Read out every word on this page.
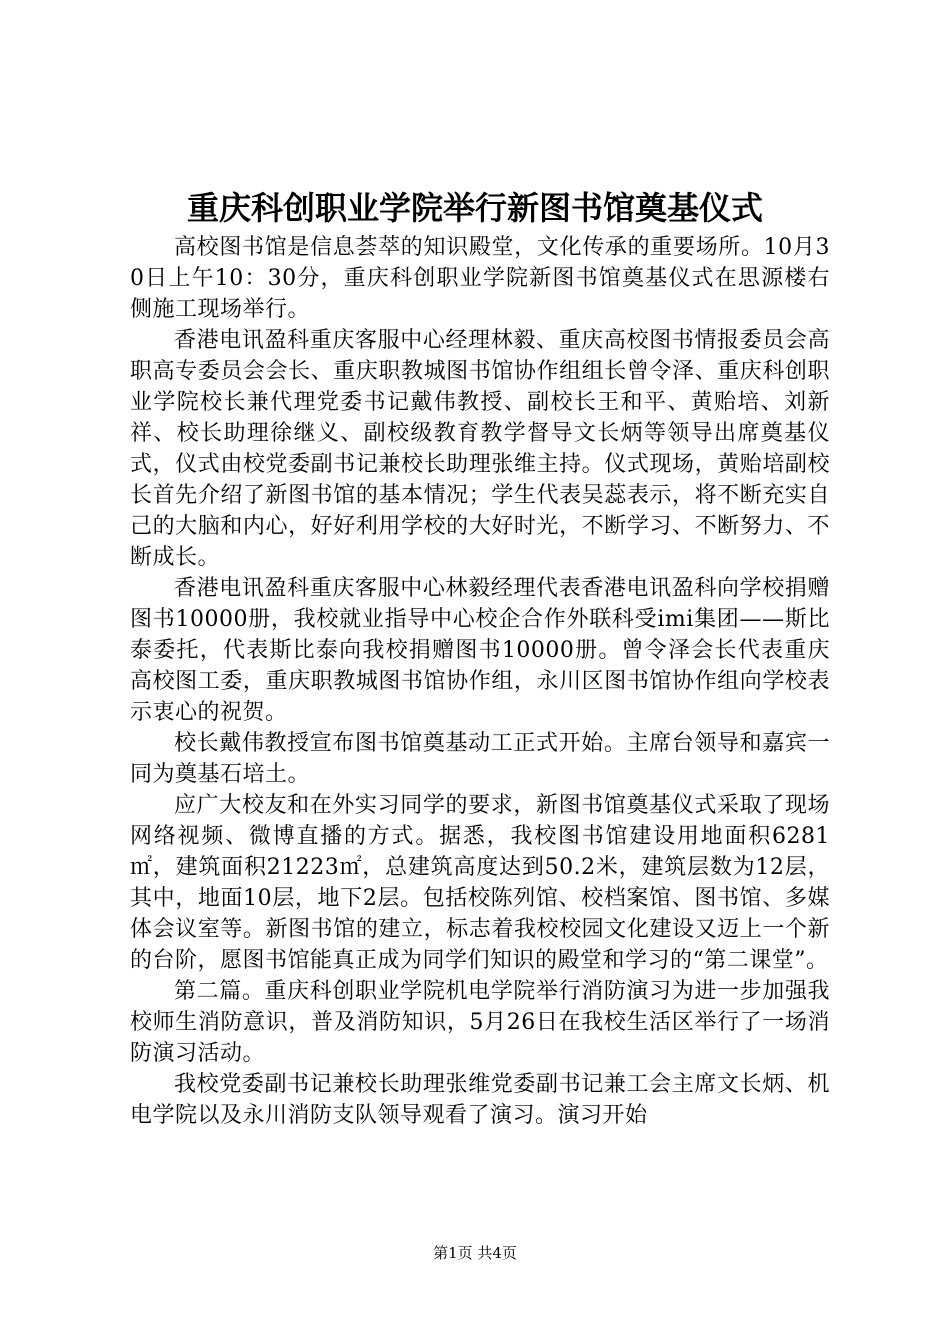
重庆科创职业学院举行新图书馆奠基仪式

高校图书馆是信息荟萃的知识殿堂，文化传承的重要场所。10月30日上午10：30分，重庆科创职业学院新图书馆奠基仪式在思源楼右侧施工现场举行。

香港电讯盈科重庆客服中心经理林毅、重庆高校图书情报委员会高职高专委员会会长、重庆职教城图书馆协作组组长曾令泽、重庆科创职业学院校长兼代理党委书记戴伟教授、副校长王和平、黄贻培、刘新祥、校长助理徐继义、副校级教育教学督导文长炳等领导出席奠基仪式，仪式由校党委副书记兼校长助理张维主持。仪式现场，黄贻培副校长首先介绍了新图书馆的基本情况；学生代表吴蕊表示，将不断充实自己的大脑和内心，好好利用学校的大好时光，不断学习、不断努力、不断成长。

香港电讯盈科重庆客服中心林毅经理代表香港电讯盈科向学校捐赠图书10000册，我校就业指导中心校企合作外联科受imi集团——斯比泰委托，代表斯比泰向我校捐赠图书10000册。曾令泽会长代表重庆高校图工委，重庆职教城图书馆协作组，永川区图书馆协作组向学校表示衷心的祝贺。

校长戴伟教授宣布图书馆奠基动工正式开始。主席台领导和嘉宾一同为奠基石培土。

应广大校友和在外实习同学的要求，新图书馆奠基仪式采取了现场网络视频、微博直播的方式。据悉，我校图书馆建设用地面积6281㎡，建筑面积21223㎡，总建筑高度达到50.2米，建筑层数为12层，其中，地面10层，地下2层。包括校陈列馆、校档案馆、图书馆、多媒体会议室等。新图书馆的建立，标志着我校校园文化建设又迈上一个新的台阶，愿图书馆能真正成为同学们知识的殿堂和学习的“第二课堂”。

第二篇。重庆科创职业学院机电学院举行消防演习为进一步加强我校师生消防意识，普及消防知识，5月26日在我校生活区举行了一场消防演习活动。

我校党委副书记兼校长助理张维党委副书记兼工会主席文长炳、机电学院以及永川消防支队领导观看了演习。演习开始

第1页 共4页
